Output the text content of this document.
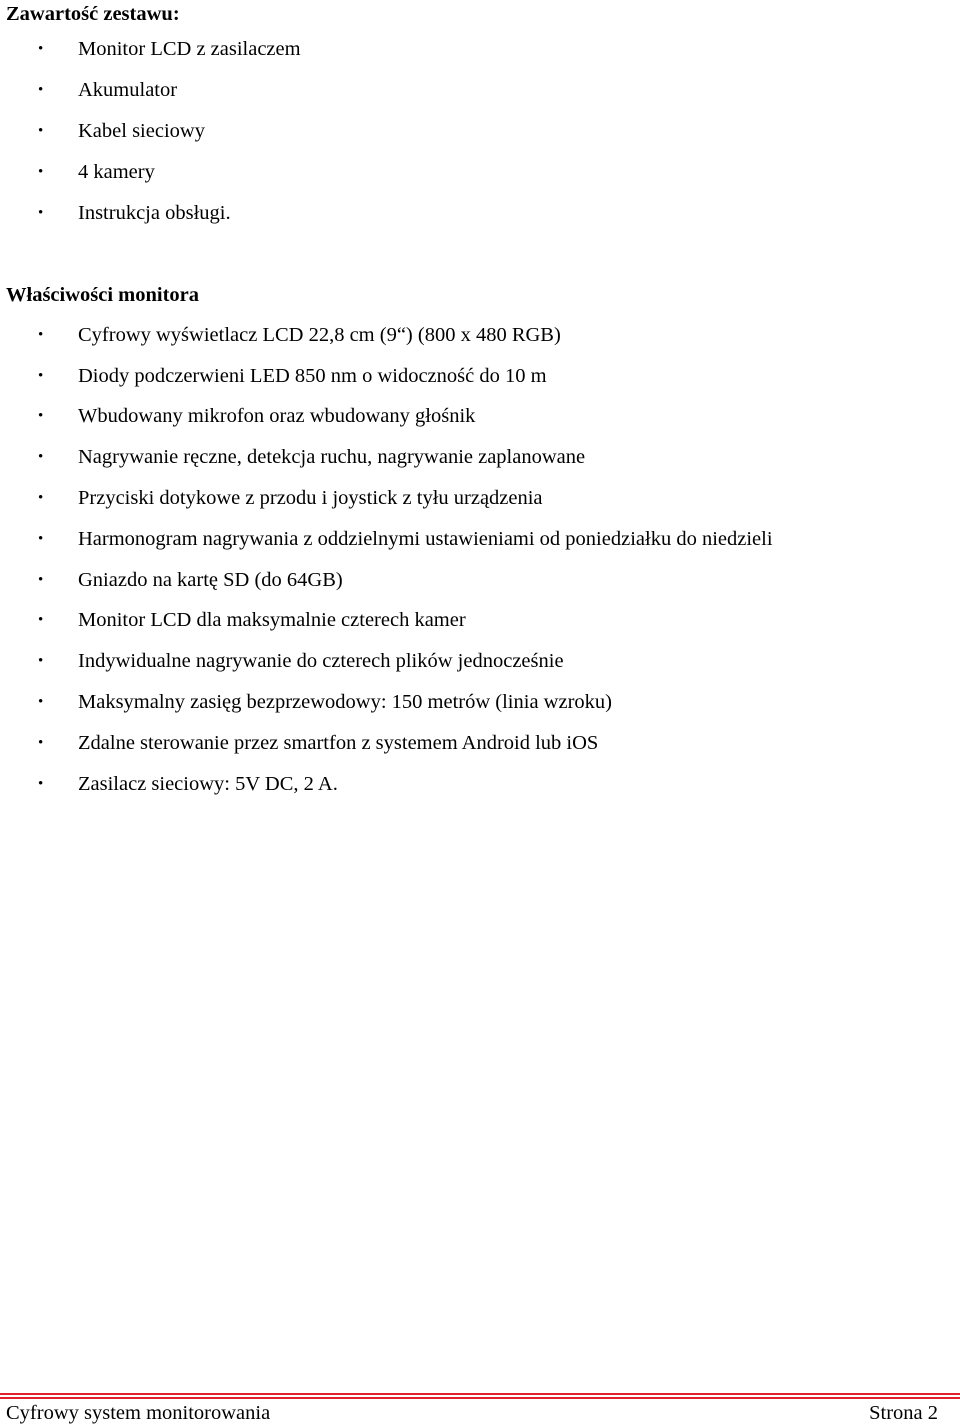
Zawartość zestawu:
• Monitor LCD z zasilaczem
• Akumulator
• Kabel sieciowy
• 4 kamery
• Instrukcja obsługi.
Właściwości monitora
• Cyfrowy wyświetlacz LCD 22,8 cm (9“) (800 x 480 RGB)
• Diody podczerwieni LED 850 nm o widoczność do 10 m
• Wbudowany mikrofon oraz wbudowany głośnik
• Nagrywanie ręczne, detekcja ruchu, nagrywanie zaplanowane
• Przyciski dotykowe z przodu i joystick z tyłu urządzenia
• Harmonogram nagrywania z oddzielnymi ustawieniami od poniedziałku do niedzieli
• Gniazdo na kartę SD (do 64GB)
• Monitor LCD dla maksymalnie czterech kamer
• Indywidualne nagrywanie do czterech plików jednocześnie
• Maksymalny zasięg bezprzewodowy: 150 metrów (linia wzroku)
• Zdalne sterowanie przez smartfon z systemem Android lub iOS
• Zasilacz sieciowy: 5V DC, 2 A.
Cyfrowy system monitorowania	Strona 2
